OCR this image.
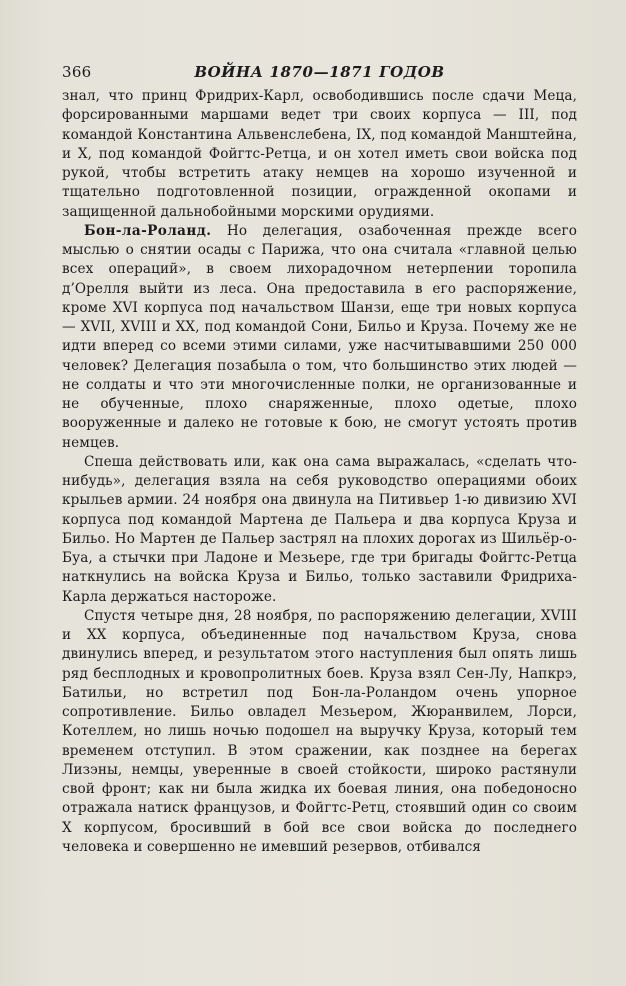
366	ВОЙНА 1870—1871 ГОДОВ

знал, что принц Фридрих-Карл, освободившись после сдачи Меца, форсированными маршами ведет три своих корпуса — III, под командой Константина Альвенслебена, IX, под командой Манштейна, и X, под командой Фойгтс-Ретца, и он хотел иметь свои войска под рукой, чтобы встретить атаку немцев на хорошо изученной и тщательно подготовленной позиции, огражденной окопами и защищенной дальнобойными морскими орудиями.

Бон-ла-Роланд. Но делегация, озабоченная прежде всего мыслью о снятии осады с Парижа, что она считала «главной целью всех операций», в своем лихорадочном нетерпении торопила д’Орелля выйти из леса. Она предоставила в его распоряжение, кроме XVI корпуса под начальством Шанзи, еще три новых корпуса — XVII, XVIII и XX, под командой Сони, Бильо и Круза. Почему же не идти вперед со всеми этими силами, уже насчитывавшими 250 000 человек? Делегация позабыла о том, что большинство этих людей — не солдаты и что эти многочисленные полки, не организованные и не обученные, плохо снаряженные, плохо одетые, плохо вооруженные и далеко не готовые к бою, не смогут устоять против немцев.

Спеша действовать или, как она сама выражалась, «сделать что-нибудь», делегация взяла на себя руководство операциями обоих крыльев армии. 24 ноября она двинула на Питивьер 1-ю дивизию XVI корпуса под командой Мартена де Пальера и два корпуса Круза и Бильо. Но Мартен де Пальер застрял на плохих дорогах из Шильёр-о-Буа, а стычки при Ладоне и Мезьере, где три бригады Фойгтс-Ретца наткнулись на войска Круза и Бильо, только заставили Фридриха-Карла держаться настороже.

Спустя четыре дня, 28 ноября, по распоряжению делегации, XVIII и XX корпуса, объединенные под начальством Круза, снова двинулись вперед, и результатом этого наступления был опять лишь ряд бесплодных и кровопролитных боев. Круза взял Сен-Лу, Напкрэ, Батильи, но встретил под Бон-ла-Роландом очень упорное сопротивление. Бильо овладел Мезьером, Жюранвилем, Лорси, Котеллем, но лишь ночью подошел на выручку Круза, который тем временем отступил. В этом сражении, как позднее на берегах Лизэны, немцы, уверенные в своей стойкости, широко растянули свой фронт; как ни была жидка их боевая линия, она победоносно отражала натиск французов, и Фойгтс-Ретц, стоявший один со своим X корпусом, бросивший в бой все свои войска до последнего человека и совершенно не имевший резервов, отбивался
